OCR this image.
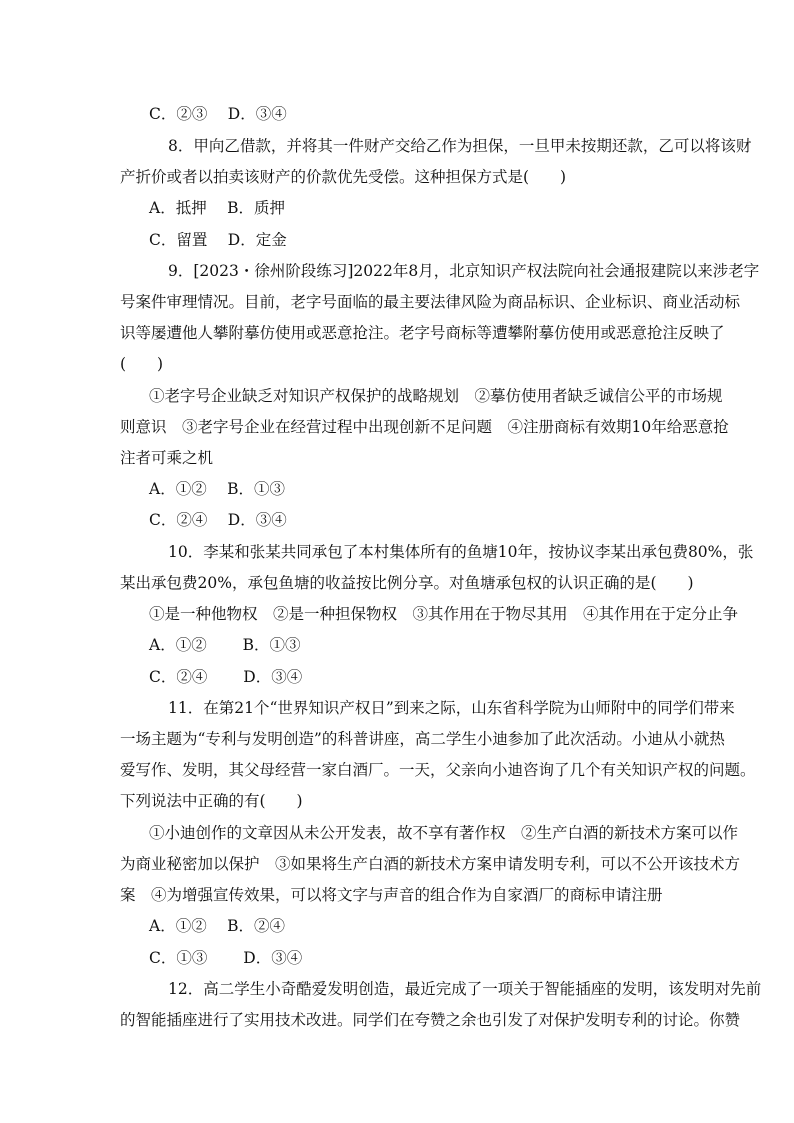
C．②③　 D．③④
8．甲向乙借款，并将其一件财产交给乙作为担保，一旦甲未按期还款，乙可以将该财
产折价或者以拍卖该财产的价款优先受偿。这种担保方式是(　　)
A．抵押　 B．质押
C．留置　 D．定金
9．[2023・徐州阶段练习]2022年8月，北京知识产权法院向社会通报建院以来涉老字
号案件审理情况。目前，老字号面临的最主要法律风险为商品标识、企业标识、商业活动标
识等屡遭他人攀附摹仿使用或恶意抢注。老字号商标等遭攀附摹仿使用或恶意抢注反映了
(　　)
①老字号企业缺乏对知识产权保护的战略规划　②摹仿使用者缺乏诚信公平的市场规
则意识　③老字号企业在经营过程中出现创新不足问题　④注册商标有效期10年给恶意抢
注者可乘之机
A．①②　 B．①③
C．②④　 D．③④
10．李某和张某共同承包了本村集体所有的鱼塘10年，按协议李某出承包费80%，张
某出承包费20%，承包鱼塘的收益按比例分享。对鱼塘承包权的认识正确的是(　　)
①是一种他物权　②是一种担保物权　③其作用在于物尽其用　④其作用在于定分止争
A．①②　　 B．①③
C．②④　　 D．③④
11．在第21个“世界知识产权日”到来之际，山东省科学院为山师附中的同学们带来
一场主题为“专利与发明创造”的科普讲座，高二学生小迪参加了此次活动。小迪从小就热
爱写作、发明，其父母经营一家白酒厂。一天，父亲向小迪咨询了几个有关知识产权的问题。
下列说法中正确的有(　　)
①小迪创作的文章因从未公开发表，故不享有著作权　②生产白酒的新技术方案可以作
为商业秘密加以保护　③如果将生产白酒的新技术方案申请发明专利，可以不公开该技术方
案　④为增强宣传效果，可以将文字与声音的组合作为自家酒厂的商标申请注册
A．①②　 B．②④
C．①③　　 D．③④
12．高二学生小奇酷爱发明创造，最近完成了一项关于智能插座的发明，该发明对先前
的智能插座进行了实用技术改进。同学们在夸赞之余也引发了对保护发明专利的讨论。你赞
